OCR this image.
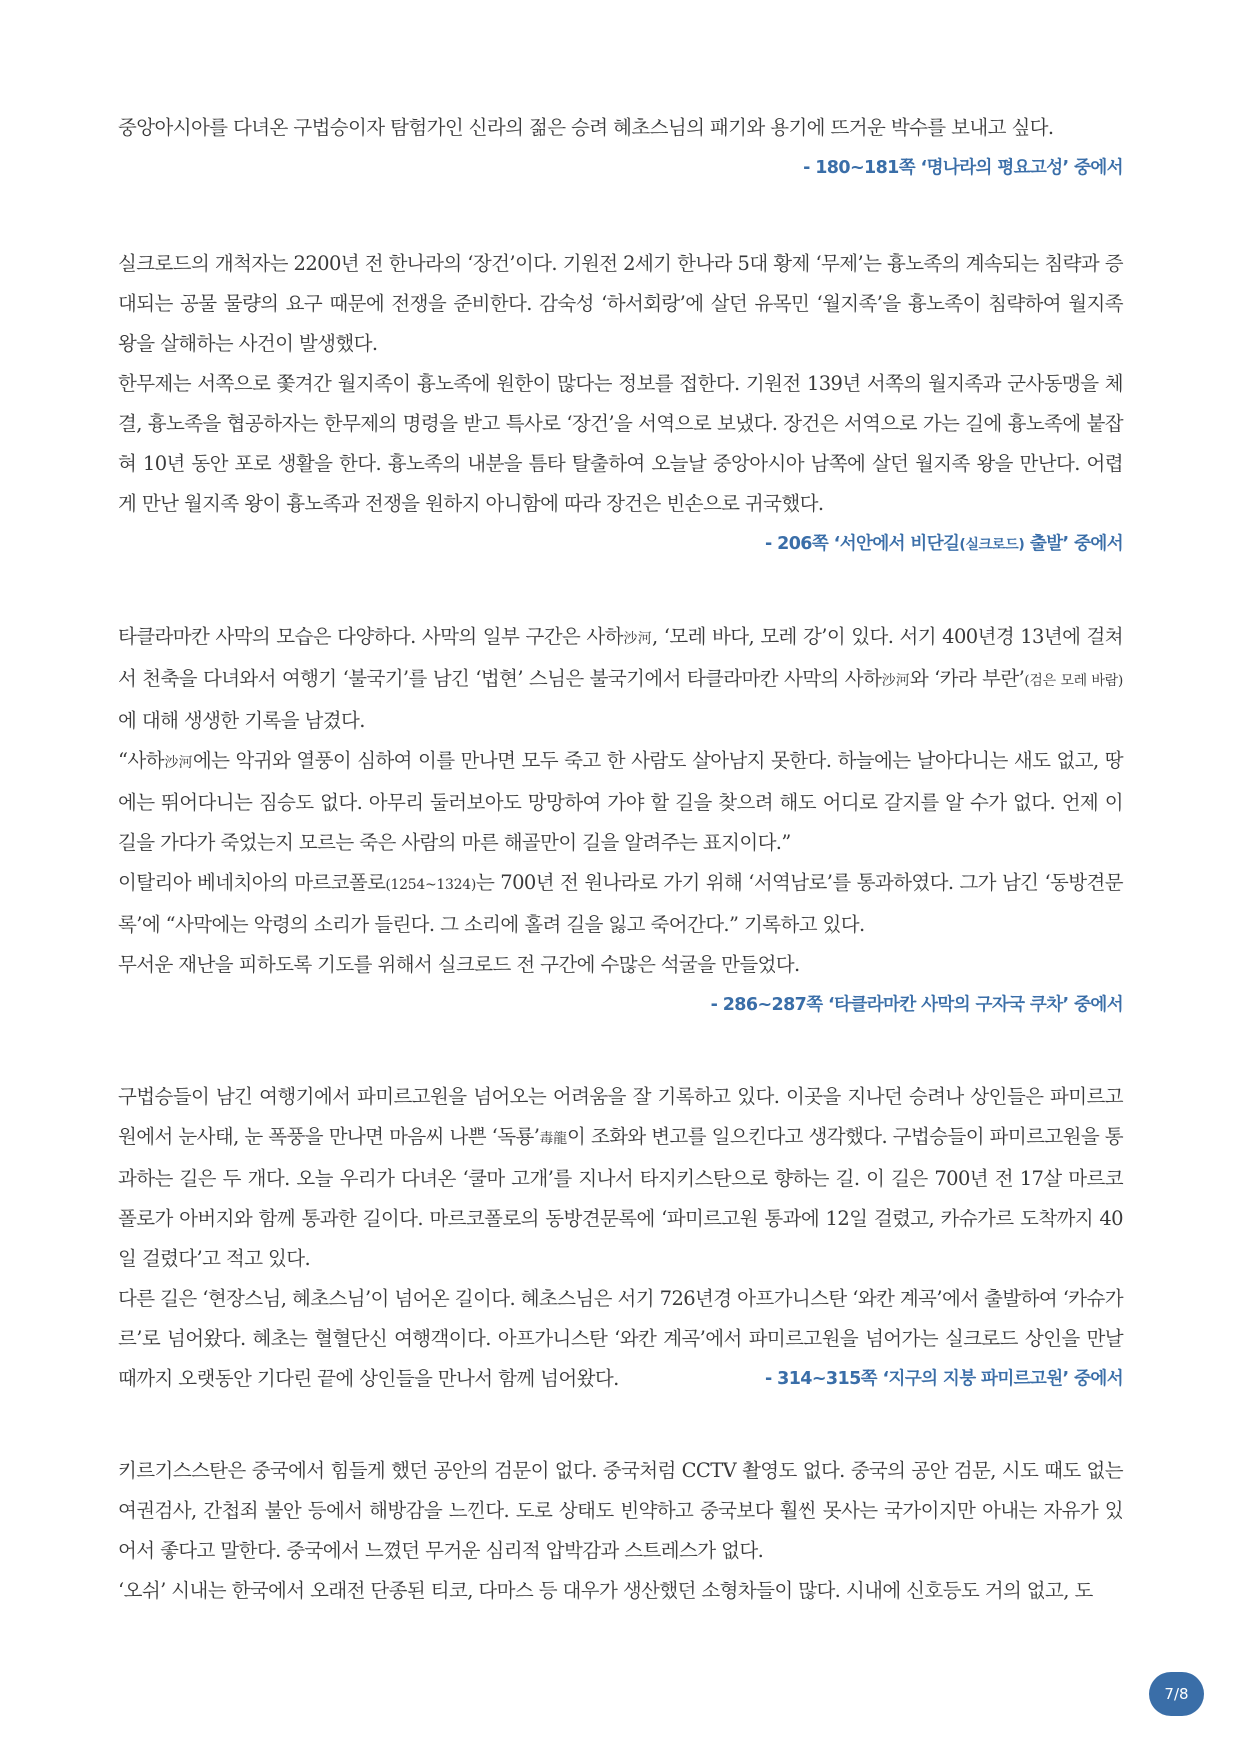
중앙아시아를 다녀온 구법승이자 탐험가인 신라의 젊은 승려 혜초스님의 패기와 용기에 뜨거운 박수를 보내고 싶다.

- 180~181쪽 ‘명나라의 평요고성’ 중에서

실크로드의 개척자는 2200년 전 한나라의 ‘장건’이다. 기원전 2세기 한나라 5대 황제 ‘무제’는 흉노족의 계속되는 침략과 증대되는 공물 물량의 요구 때문에 전쟁을 준비한다. 감숙성 ‘하서회랑’에 살던 유목민 ‘월지족’을 흉노족이 침략하여 월지족 왕을 살해하는 사건이 발생했다.

한무제는 서쪽으로 쫓겨간 월지족이 흉노족에 원한이 많다는 정보를 접한다. 기원전 139년 서쪽의 월지족과 군사동맹을 체결, 흉노족을 협공하자는 한무제의 명령을 받고 특사로 ‘장건’을 서역으로 보냈다. 장건은 서역으로 가는 길에 흉노족에 붙잡혀 10년 동안 포로 생활을 한다. 흉노족의 내분을 틈타 탈출하여 오늘날 중앙아시아 남쪽에 살던 월지족 왕을 만난다. 어렵게 만난 월지족 왕이 흉노족과 전쟁을 원하지 아니함에 따라 장건은 빈손으로 귀국했다.

- 206쪽 ‘서안에서 비단길(실크로드) 출발’ 중에서

타클라마칸 사막의 모습은 다양하다. 사막의 일부 구간은 사하沙河, ‘모레 바다, 모레 강’이 있다. 서기 400년경 13년에 걸쳐서 천축을 다녀와서 여행기 ‘불국기’를 남긴 ‘법현’ 스님은 불국기에서 타클라마칸 사막의 사하沙河와 ‘카라 부란’(검은 모레 바람)에 대해 생생한 기록을 남겼다.

“사하沙河에는 악귀와 열풍이 심하여 이를 만나면 모두 죽고 한 사람도 살아남지 못한다. 하늘에는 날아다니는 새도 없고, 땅에는 뛰어다니는 짐승도 없다. 아무리 둘러보아도 망망하여 가야 할 길을 찾으려 해도 어디로 갈지를 알 수가 없다. 언제 이 길을 가다가 죽었는지 모르는 죽은 사람의 마른 해골만이 길을 알려주는 표지이다.”

이탈리아 베네치아의 마르코폴로(1254~1324)는 700년 전 원나라로 가기 위해 ‘서역남로’를 통과하였다. 그가 남긴 ‘동방견문록’에 “사막에는 악령의 소리가 들린다. 그 소리에 홀려 길을 잃고 죽어간다.” 기록하고 있다.

무서운 재난을 피하도록 기도를 위해서 실크로드 전 구간에 수많은 석굴을 만들었다.

- 286~287쪽 ‘타클라마칸 사막의 구자국 쿠차’ 중에서

구법승들이 남긴 여행기에서 파미르고원을 넘어오는 어려움을 잘 기록하고 있다. 이곳을 지나던 승려나 상인들은 파미르고원에서 눈사태, 눈 폭풍을 만나면 마음씨 나쁜 ‘독룡’毒龍이 조화와 변고를 일으킨다고 생각했다. 구법승들이 파미르고원을 통과하는 길은 두 개다. 오늘 우리가 다녀온 ‘쿨마 고개’를 지나서 타지키스탄으로 향하는 길. 이 길은 700년 전 17살 마르코 폴로가 아버지와 함께 통과한 길이다. 마르코폴로의 동방견문록에 ‘파미르고원 통과에 12일 걸렸고, 카슈가르 도착까지 40일 걸렸다’고 적고 있다.

다른 길은 ‘현장스님, 혜초스님’이 넘어온 길이다. 혜초스님은 서기 726년경 아프가니스탄 ‘와칸 계곡’에서 출발하여 ‘카슈가르’로 넘어왔다. 혜초는 혈혈단신 여행객이다. 아프가니스탄 ‘와칸 계곡’에서 파미르고원을 넘어가는 실크로드 상인을 만날 때까지 오랫동안 기다린 끝에 상인들을 만나서 함께 넘어왔다.	- 314~315쪽 ‘지구의 지붕 파미르고원’ 중에서

키르기스스탄은 중국에서 힘들게 했던 공안의 검문이 없다. 중국처럼 CCTV 촬영도 없다. 중국의 공안 검문, 시도 때도 없는 여권검사, 간첩죄 불안 등에서 해방감을 느낀다. 도로 상태도 빈약하고 중국보다 훨씬 못사는 국가이지만 아내는 자유가 있어서 좋다고 말한다. 중국에서 느꼈던 무거운 심리적 압박감과 스트레스가 없다.

‘오쉬’ 시내는 한국에서 오래전 단종된 티코, 다마스 등 대우가 생산했던 소형차들이 많다. 시내에 신호등도 거의 없고, 도

7/8
